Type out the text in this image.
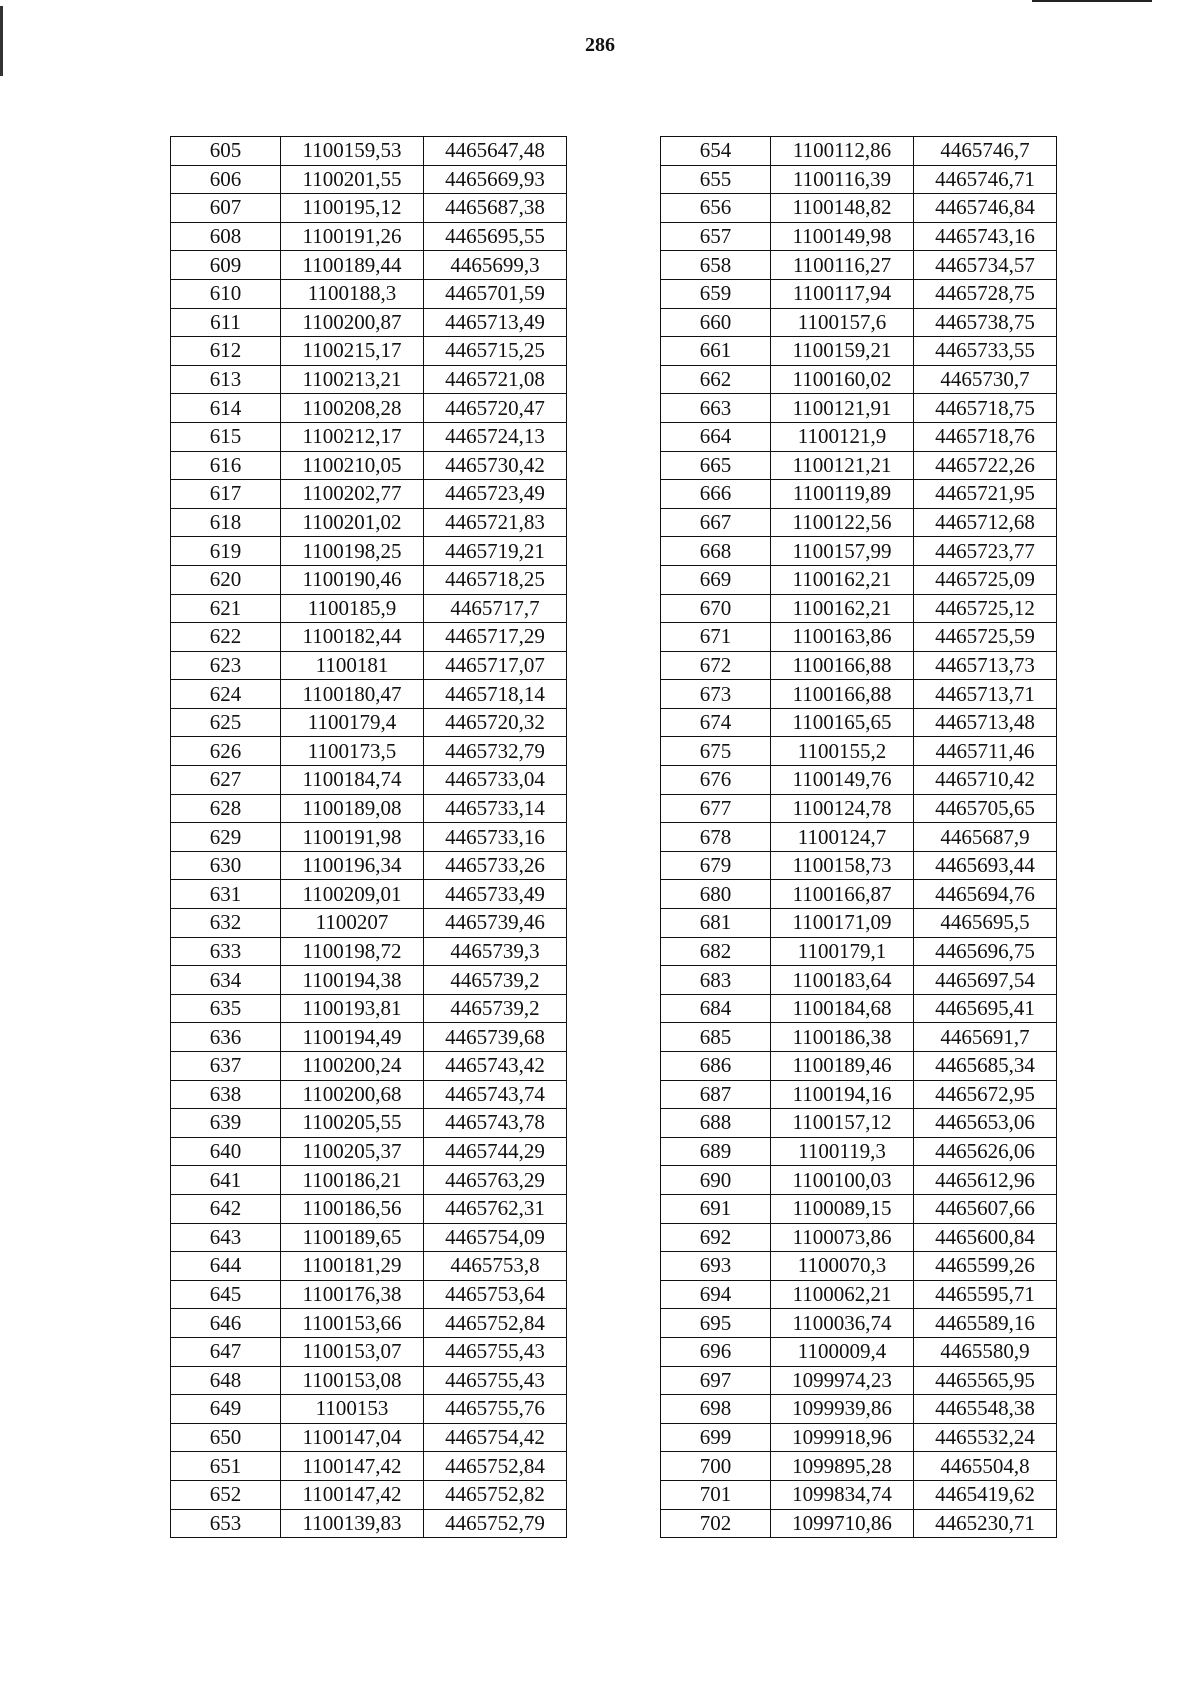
286
605	1100159,53	4465647,48
606	1100201,55	4465669,93
607	1100195,12	4465687,38
608	1100191,26	4465695,55
609	1100189,44	4465699,3
610	1100188,3	4465701,59
611	1100200,87	4465713,49
612	1100215,17	4465715,25
613	1100213,21	4465721,08
614	1100208,28	4465720,47
615	1100212,17	4465724,13
616	1100210,05	4465730,42
617	1100202,77	4465723,49
618	1100201,02	4465721,83
619	1100198,25	4465719,21
620	1100190,46	4465718,25
621	1100185,9	4465717,7
622	1100182,44	4465717,29
623	1100181	4465717,07
624	1100180,47	4465718,14
625	1100179,4	4465720,32
626	1100173,5	4465732,79
627	1100184,74	4465733,04
628	1100189,08	4465733,14
629	1100191,98	4465733,16
630	1100196,34	4465733,26
631	1100209,01	4465733,49
632	1100207	4465739,46
633	1100198,72	4465739,3
634	1100194,38	4465739,2
635	1100193,81	4465739,2
636	1100194,49	4465739,68
637	1100200,24	4465743,42
638	1100200,68	4465743,74
639	1100205,55	4465743,78
640	1100205,37	4465744,29
641	1100186,21	4465763,29
642	1100186,56	4465762,31
643	1100189,65	4465754,09
644	1100181,29	4465753,8
645	1100176,38	4465753,64
646	1100153,66	4465752,84
647	1100153,07	4465755,43
648	1100153,08	4465755,43
649	1100153	4465755,76
650	1100147,04	4465754,42
651	1100147,42	4465752,84
652	1100147,42	4465752,82
653	1100139,83	4465752,79
654	1100112,86	4465746,7
655	1100116,39	4465746,71
656	1100148,82	4465746,84
657	1100149,98	4465743,16
658	1100116,27	4465734,57
659	1100117,94	4465728,75
660	1100157,6	4465738,75
661	1100159,21	4465733,55
662	1100160,02	4465730,7
663	1100121,91	4465718,75
664	1100121,9	4465718,76
665	1100121,21	4465722,26
666	1100119,89	4465721,95
667	1100122,56	4465712,68
668	1100157,99	4465723,77
669	1100162,21	4465725,09
670	1100162,21	4465725,12
671	1100163,86	4465725,59
672	1100166,88	4465713,73
673	1100166,88	4465713,71
674	1100165,65	4465713,48
675	1100155,2	4465711,46
676	1100149,76	4465710,42
677	1100124,78	4465705,65
678	1100124,7	4465687,9
679	1100158,73	4465693,44
680	1100166,87	4465694,76
681	1100171,09	4465695,5
682	1100179,1	4465696,75
683	1100183,64	4465697,54
684	1100184,68	4465695,41
685	1100186,38	4465691,7
686	1100189,46	4465685,34
687	1100194,16	4465672,95
688	1100157,12	4465653,06
689	1100119,3	4465626,06
690	1100100,03	4465612,96
691	1100089,15	4465607,66
692	1100073,86	4465600,84
693	1100070,3	4465599,26
694	1100062,21	4465595,71
695	1100036,74	4465589,16
696	1100009,4	4465580,9
697	1099974,23	4465565,95
698	1099939,86	4465548,38
699	1099918,96	4465532,24
700	1099895,28	4465504,8
701	1099834,74	4465419,62
702	1099710,86	4465230,71
